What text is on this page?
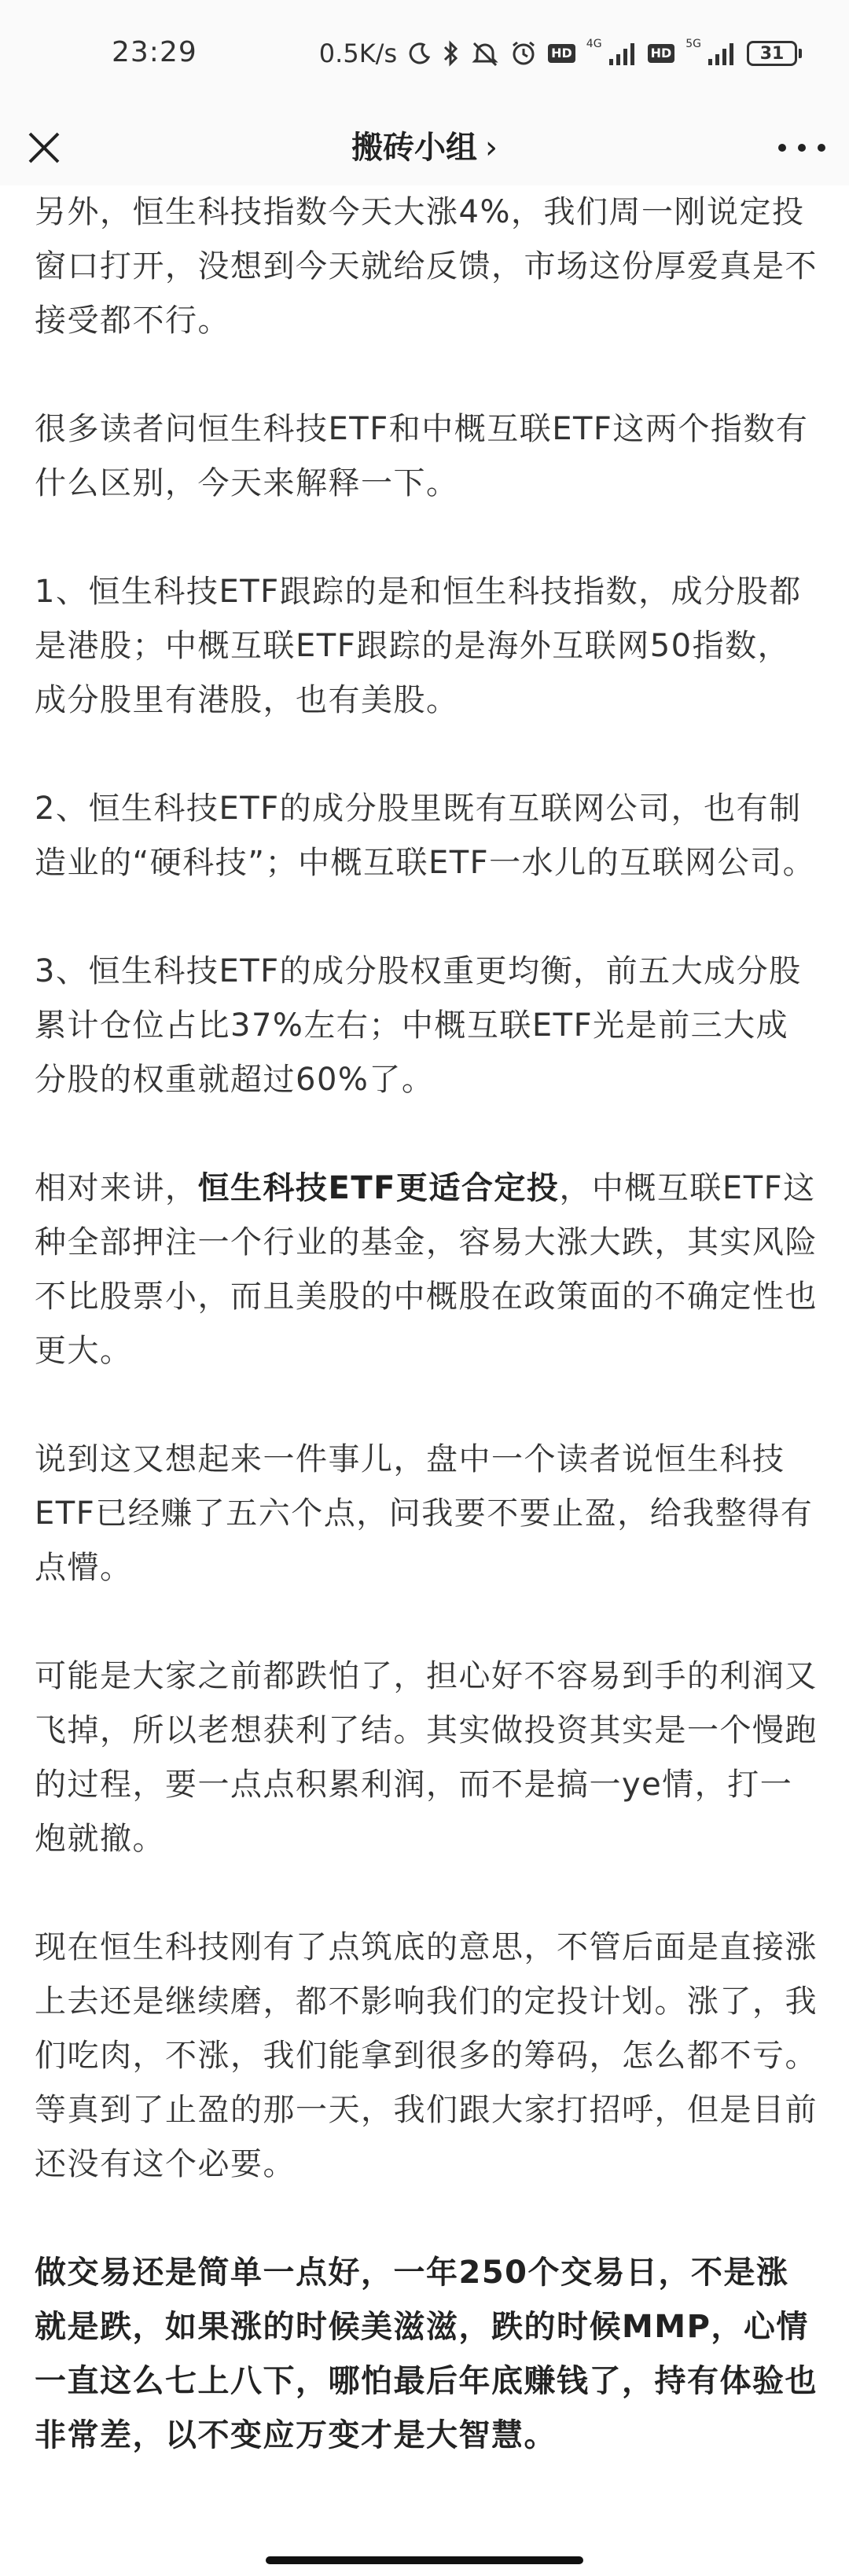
23:29	0.5K/s	HD
4G
HD
5G	31
搬砖小组 ›

另外，恒生科技指数今天大涨4%，我们周一刚说定投窗口打开，没想到今天就给反馈，市场这份厚爱真是不接受都不行。

很多读者问恒生科技ETF和中概互联ETF这两个指数有什么区别，今天来解释一下。

1、恒生科技ETF跟踪的是和恒生科技指数，成分股都是港股；中概互联ETF跟踪的是海外互联网50指数，成分股里有港股，也有美股。

2、恒生科技ETF的成分股里既有互联网公司，也有制造业的“硬科技”；中概互联ETF一水儿的互联网公司。

3、恒生科技ETF的成分股权重更均衡，前五大成分股累计仓位占比37%左右；中概互联ETF光是前三大成分股的权重就超过60%了。

相对来讲，恒生科技ETF更适合定投，中概互联ETF这种全部押注一个行业的基金，容易大涨大跌，其实风险不比股票小，而且美股的中概股在政策面的不确定性也更大。

说到这又想起来一件事儿，盘中一个读者说恒生科技ETF已经赚了五六个点，问我要不要止盈，给我整得有点懵。

可能是大家之前都跌怕了，担心好不容易到手的利润又飞掉，所以老想获利了结。其实做投资其实是一个慢跑的过程，要一点点积累利润，而不是搞一ye情，打一炮就撤。

现在恒生科技刚有了点筑底的意思，不管后面是直接涨上去还是继续磨，都不影响我们的定投计划。涨了，我们吃肉，不涨，我们能拿到很多的筹码，怎么都不亏。等真到了止盈的那一天，我们跟大家打招呼，但是目前还没有这个必要。

做交易还是简单一点好，一年250个交易日，不是涨就是跌，如果涨的时候美滋滋，跌的时候MMP，心情一直这么七上八下，哪怕最后年底赚钱了，持有体验也非常差，以不变应万变才是大智慧。
